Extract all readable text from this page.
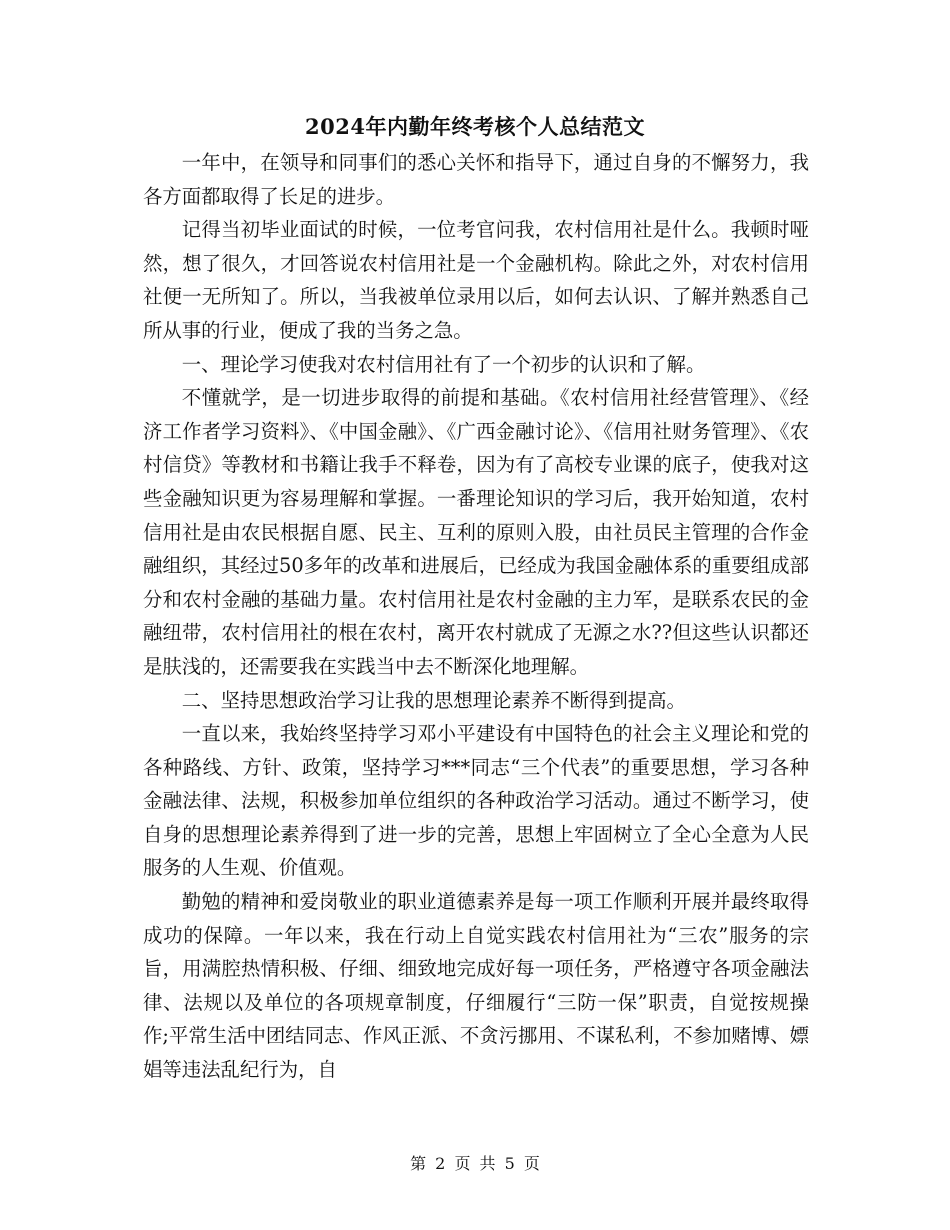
2024年内勤年终考核个人总结范文

一年中，在领导和同事们的悉心关怀和指导下，通过自身的不懈努力，我各方面都取得了长足的进步。

记得当初毕业面试的时候，一位考官问我，农村信用社是什么。我顿时哑然，想了很久，才回答说农村信用社是一个金融机构。除此之外，对农村信用社便一无所知了。所以，当我被单位录用以后，如何去认识、了解并熟悉自己所从事的行业，便成了我的当务之急。

一、理论学习使我对农村信用社有了一个初步的认识和了解。

不懂就学，是一切进步取得的前提和基础。《农村信用社经营管理》、《经济工作者学习资料》、《中国金融》、《广西金融讨论》、《信用社财务管理》、《农村信贷》等教材和书籍让我手不释卷，因为有了高校专业课的底子，使我对这些金融知识更为容易理解和掌握。一番理论知识的学习后，我开始知道，农村信用社是由农民根据自愿、民主、互利的原则入股，由社员民主管理的合作金融组织，其经过50多年的改革和进展后，已经成为我国金融体系的重要组成部分和农村金融的基础力量。农村信用社是农村金融的主力军，是联系农民的金融纽带，农村信用社的根在农村，离开农村就成了无源之水??但这些认识都还是肤浅的，还需要我在实践当中去不断深化地理解。

二、坚持思想政治学习让我的思想理论素养不断得到提高。

一直以来，我始终坚持学习邓小平建设有中国特色的社会主义理论和党的各种路线、方针、政策，坚持学习***同志“三个代表”的重要思想，学习各种金融法律、法规，积极参加单位组织的各种政治学习活动。通过不断学习，使自身的思想理论素养得到了进一步的完善，思想上牢固树立了全心全意为人民服务的人生观、价值观。

勤勉的精神和爱岗敬业的职业道德素养是每一项工作顺利开展并最终取得成功的保障。一年以来，我在行动上自觉实践农村信用社为“三农”服务的宗旨，用满腔热情积极、仔细、细致地完成好每一项任务，严格遵守各项金融法律、法规以及单位的各项规章制度，仔细履行“三防一保”职责，自觉按规操作;平常生活中团结同志、作风正派、不贪污挪用、不谋私利，不参加赌博、嫖娼等违法乱纪行为，自

第 2 页 共 5 页
